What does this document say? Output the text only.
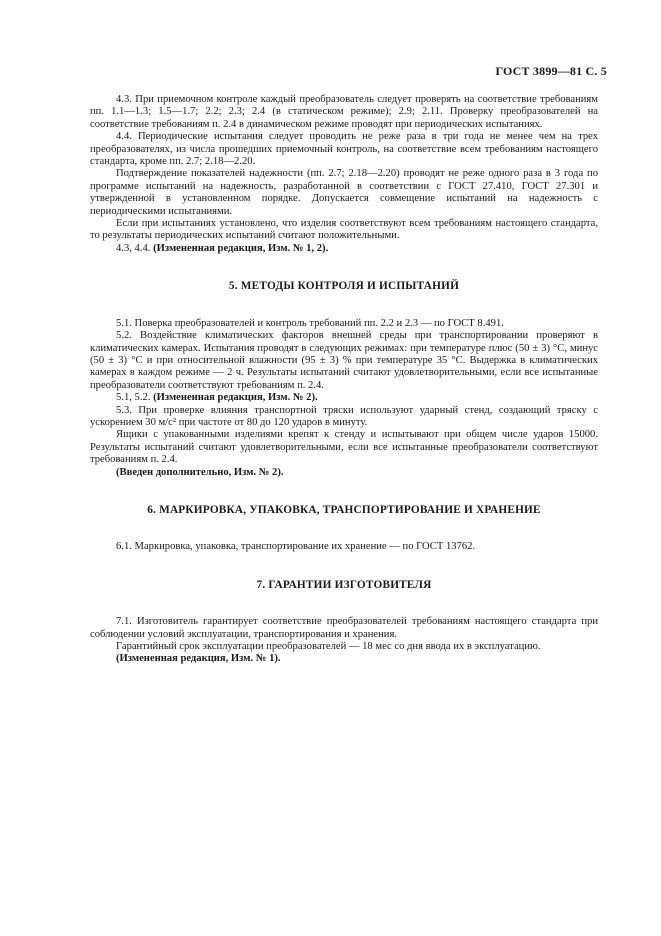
ГОСТ 3899—81 С. 5

4.3. При приемочном контроле каждый преобразователь следует проверять на соответствие требованиям пп. 1.1—1.3; 1.5—1.7; 2.2; 2.3; 2.4 (в статическом режиме); 2.9; 2.11. Проверку преобразователей на соответствие требованиям п. 2.4 в динамическом режиме проводят при периодических испытаниях.

4.4. Периодические испытания следует проводить не реже раза в три года не менее чем на трех преобразователях, из числа прошедших приемочный контроль, на соответствие всем требованиям настоящего стандарта, кроме пп. 2.7; 2.18—2.20.

Подтверждение показателей надежности (пп. 2.7; 2.18—2.20) проводят не реже одного раза в 3 года по программе испытаний на надежность, разработанной в соответствии с ГОСТ 27.410, ГОСТ 27.301 и утвержденной в установленном порядке. Допускается совмещение испытаний на надежность с периодическими испытаниями.

Если при испытаниях установлено, что изделия соответствуют всем требованиям настоящего стандарта, то результаты периодических испытаний считают положительными.

4.3, 4.4. (Измененная редакция, Изм. № 1, 2).

5. МЕТОДЫ КОНТРОЛЯ И ИСПЫТАНИЙ

5.1. Поверка преобразователей и контроль требований пп. 2.2 и 2.3 — по ГОСТ 8.491.

5.2. Воздействие климатических факторов внешней среды при транспортировании проверяют в климатических камерах. Испытания проводят в следующих режимах: при температуре плюс (50 ± 3) °С, минус (50 ± 3) °С и при относительной влажности (95 ± 3) % при температуре 35 °С. Выдержка в климатических камерах в каждом режиме — 2 ч. Результаты испытаний считают удовлетворительными, если все испытанные преобразователи соответствуют требованиям п. 2.4.

5.1, 5.2. (Измененная редакция, Изм. № 2).

5.3. При проверке влияния транспортной тряски используют ударный стенд, создающий тряску с ускорением 30 м/с² при частоте от 80 до 120 ударов в минуту.

Ящики с упакованными изделиями крепят к стенду и испытывают при общем числе ударов 15000. Результаты испытаний считают удовлетворительными, если все испытанные преобразователи соответствуют требованиям п. 2.4.

(Введен дополнительно, Изм. № 2).

6. МАРКИРОВКА, УПАКОВКА, ТРАНСПОРТИРОВАНИЕ И ХРАНЕНИЕ

6.1. Маркировка, упаковка, транспортирование их хранение — по ГОСТ 13762.

7. ГАРАНТИИ ИЗГОТОВИТЕЛЯ

7.1. Изготовитель гарантирует соответствие преобразователей требованиям настоящего стандарта при соблюдении условий эксплуатации, транспортирования и хранения.

Гарантийный срок эксплуатации преобразователей — 18 мес со дня ввода их в эксплуатацию.

(Измененная редакция, Изм. № 1).
